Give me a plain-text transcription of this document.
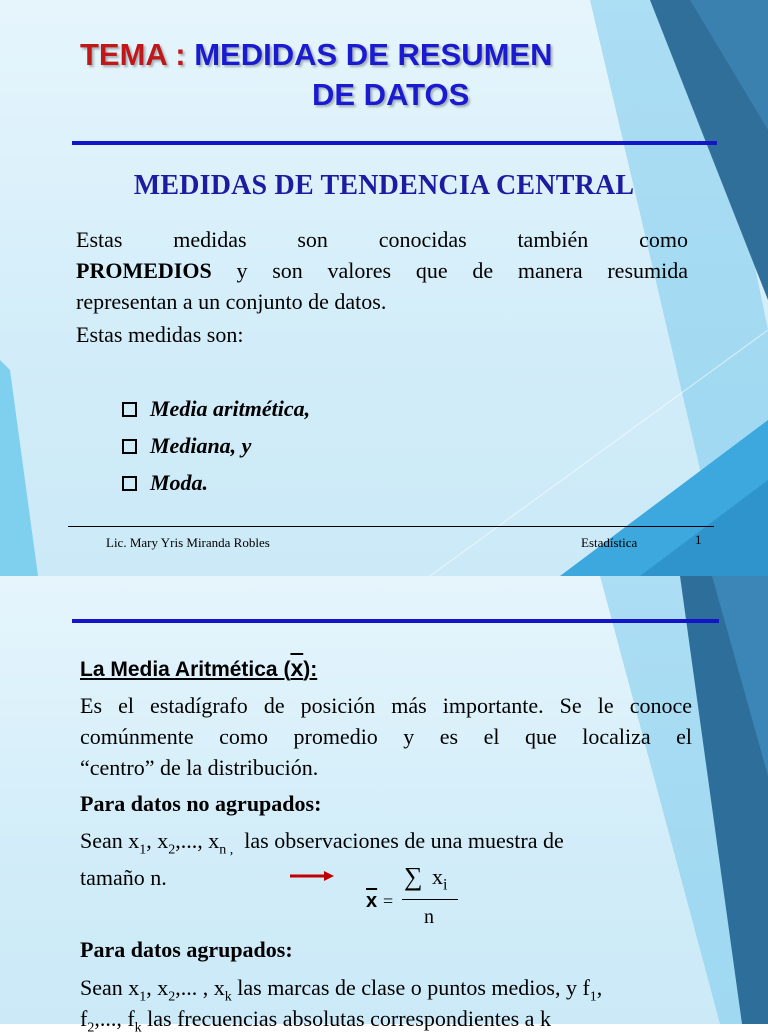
TEMA : MEDIDAS DE RESUMEN
DE DATOS
MEDIDAS DE TENDENCIA CENTRAL
Estas medidas son conocidas también como
PROMEDIOS y son valores que de manera resumida
representan a un conjunto de datos.
Estas medidas son:
Media aritmética,
Mediana, y
Moda.
Lic. Mary Yris Miranda Robles	Estadística	1
La Media Aritmética (x):
Es el estadígrafo de posición más importante. Se le conoce
comúnmente como promedio y es el que localiza el
“centro” de la distribución.
Para datos no agrupados:
Sean $x_1$, $x_2$,..., $x_{n ,}$ las observaciones de una muestra de
tamaño n.
$\overline{x}$ =
∑ $x_i$
n
Para datos agrupados:
Sean $x_1$, $x_2$,... , $x_k$ las marcas de clase o puntos medios, y $f_1$,
$f_2$,..., $f_k$ las frecuencias absolutas correspondientes a k
